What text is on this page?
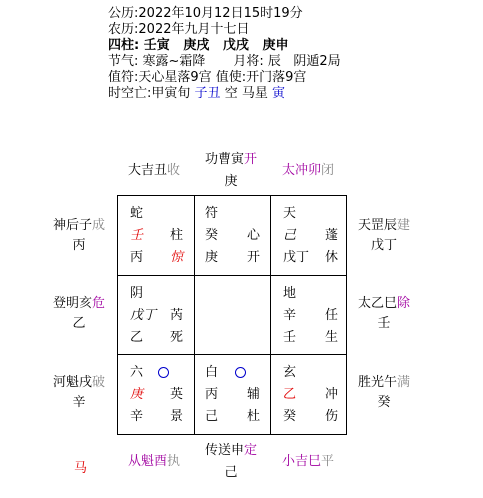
公历:2022年10月12日15时19分
农历:2022年九月十七日
四柱: 壬寅   庚戌   戊戌   庚申
节气: 寒露~霜降 月将: 辰   阴遁2局
值符:天心星落9宫 值使:开门落9宫
时空亡:甲寅旬 子丑 空 马星 寅
大吉丑收
功曹寅开
庚
太冲卯闭
神后子成
丙
登明亥危
乙
河魁戌破
辛
天罡辰建
戊丁
太乙巳除
壬
胜光午满
癸
马	从魁酉执
传送申定
己
小吉巳平
蛇
壬 柱
丙 惊
符
癸 心
庚 开
天
己 蓬
戊丁 休
阴
戊丁 芮
乙 死
地
辛 任
壬 生
六
庚 英
辛 景
白
丙 辅
己 杜
玄
乙 冲
癸 伤
